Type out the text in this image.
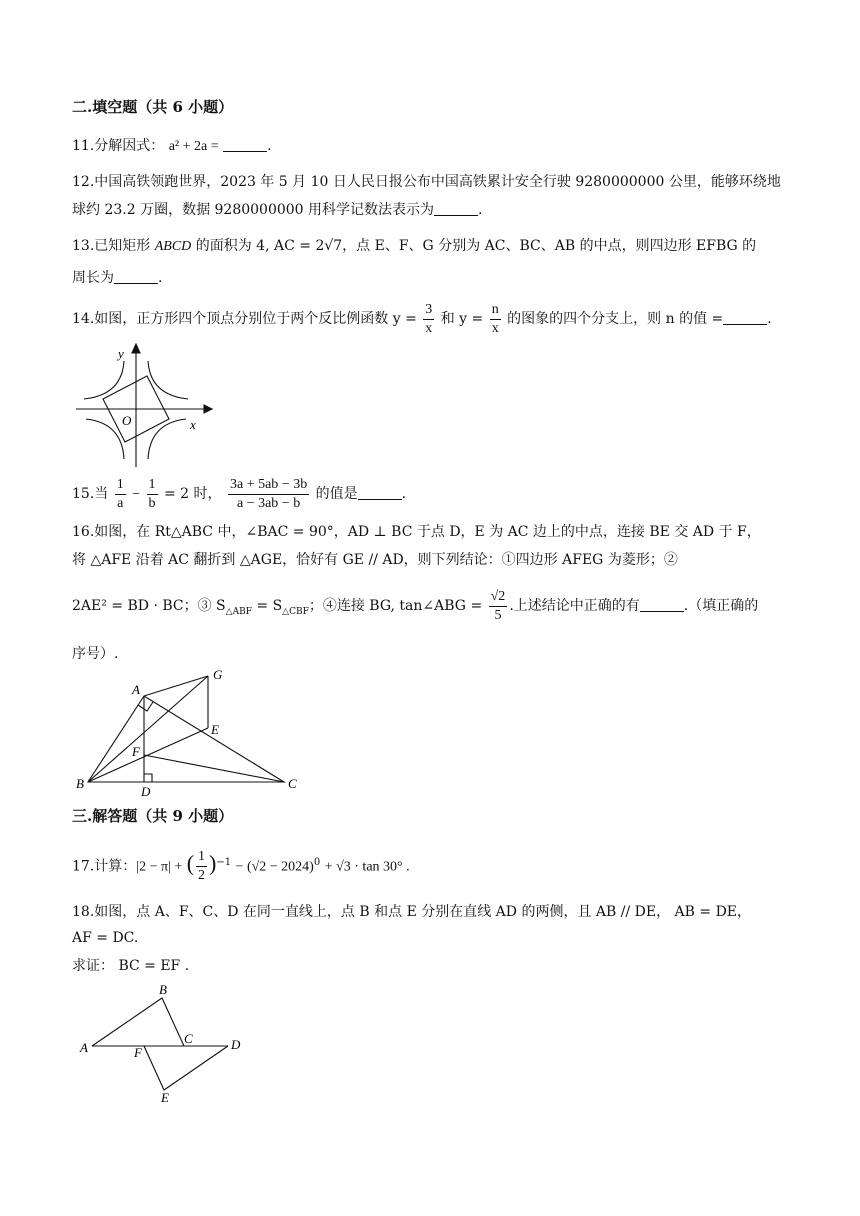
二.填空题（共 6 小题）
11.分解因式： a² + 2a =	.
12.中国高铁领跑世界，2023 年 5 月 10 日人民日报公布中国高铁累计安全行驶 9280000000 公里，能够环绕地
球约 23.2 万圈，数据 9280000000 用科学记数法表示为	.
13.已知矩形 ABCD 的面积为 4, AC = 2√7，点 E、F、G 分别为 AC、BC、AB 的中点，则四边形 EFBG 的
周长为	.
14.如图，正方形四个顶点分别位于两个反比例函数 $y = \frac{3}{x}$ 和 $y = \frac{n}{x}$ 的图象的四个分支上，则 n 的值 =	.
y
x
O
15.当 $\frac{1}{a} - \frac{1}{b} = 2$ 时， $\frac{3a + 5ab - 3b}{a - 3ab - b}$ 的值是	.
16.如图，在 Rt△ABC 中，∠BAC = 90°，AD ⊥ BC 于点 D，E 为 AC 边上的中点，连接 BE 交 AD 于 F，
将 △AFE 沿着 AC 翻折到 △AGE，恰好有 GE // AD，则下列结论：①四边形 AFEG 为菱形；②
2AE² = BD · BC；③ $S_{\triangle ABF} = S_{\triangle CBF}$；④连接 BG, tan∠ABG = $\frac{√2}{5}$ .上述结论中正确的有	.（填正确的
序号）.
A
G
E
F
B
D
C
三.解答题（共 9 小题）
17.计算：|2 − π| + ( $\frac{1}{2} )^{-1} - (√2 - 2024)^0 + √3 \cdot \tan 30^\circ$ .
18.如图，点 A、F、C、D 在同一直线上，点 B 和点 E 分别在直线 AD 的两侧，且 AB // DE， AB = DE，
AF = DC.
求证： BC = EF .
A
B
C	D
E
F
